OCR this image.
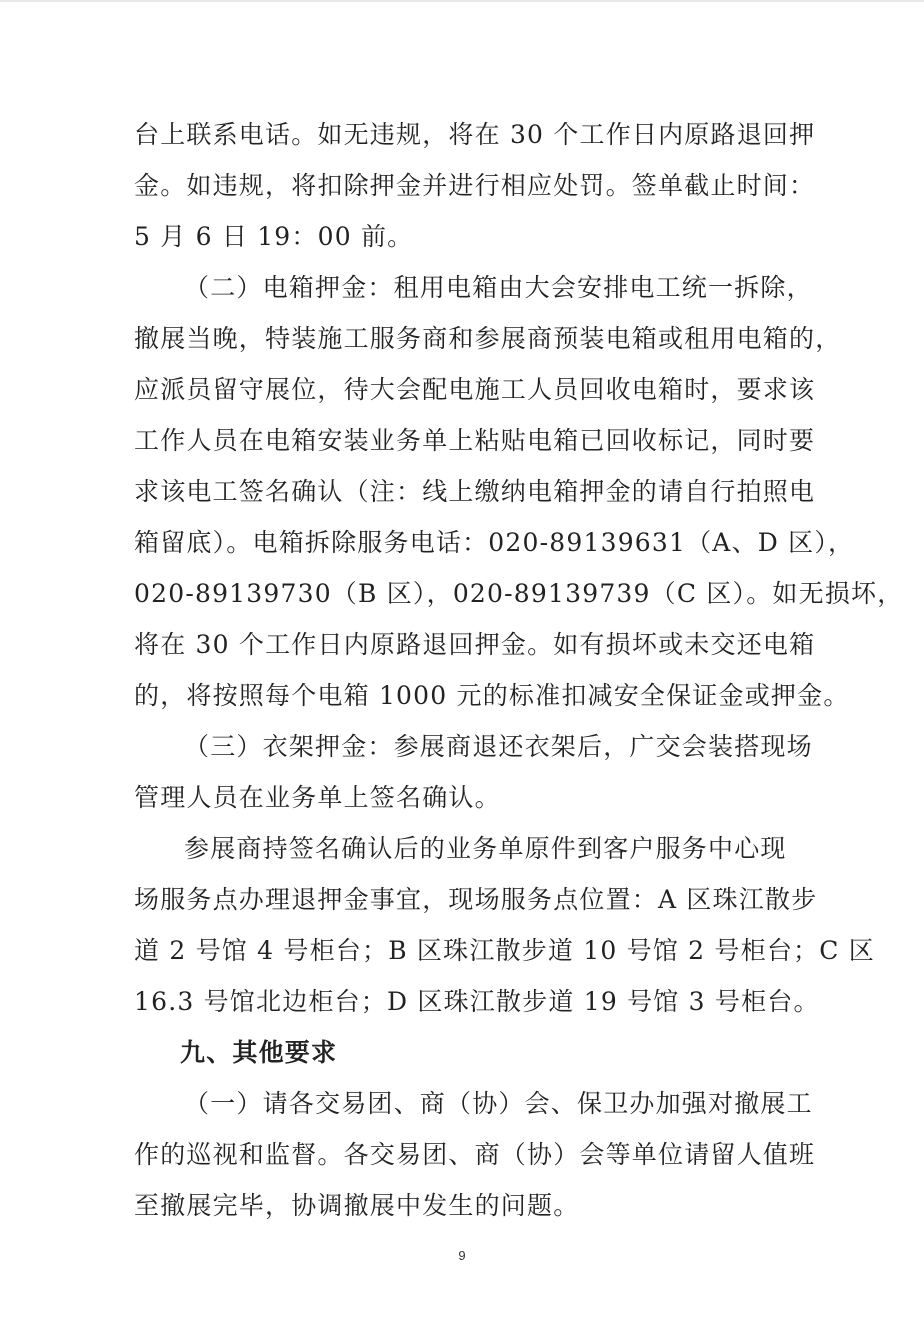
台上联系电话。如无违规，将在 30 个工作日内原路退回押

金。如违规，将扣除押金并进行相应处罚。签单截止时间：

5 月 6 日 19：00 前。

（二）电箱押金：租用电箱由大会安排电工统一拆除，

撤展当晚，特装施工服务商和参展商预装电箱或租用电箱的，

应派员留守展位，待大会配电施工人员回收电箱时，要求该

工作人员在电箱安装业务单上粘贴电箱已回收标记，同时要

求该电工签名确认（注：线上缴纳电箱押金的请自行拍照电

箱留底）。电箱拆除服务电话：020-89139631（A、D 区），

020-89139730（B 区），020-89139739（C 区）。如无损坏，

将在 30 个工作日内原路退回押金。如有损坏或未交还电箱

的，将按照每个电箱 1000 元的标准扣减安全保证金或押金。

（三）衣架押金：参展商退还衣架后，广交会装搭现场

管理人员在业务单上签名确认。

参展商持签名确认后的业务单原件到客户服务中心现

场服务点办理退押金事宜，现场服务点位置：A 区珠江散步

道 2 号馆 4 号柜台；B 区珠江散步道 10 号馆 2 号柜台；C 区

16.3 号馆北边柜台；D 区珠江散步道 19 号馆 3 号柜台。

九、其他要求

（一）请各交易团、商（协）会、保卫办加强对撤展工

作的巡视和监督。各交易团、商（协）会等单位请留人值班

至撤展完毕，协调撤展中发生的问题。

9
